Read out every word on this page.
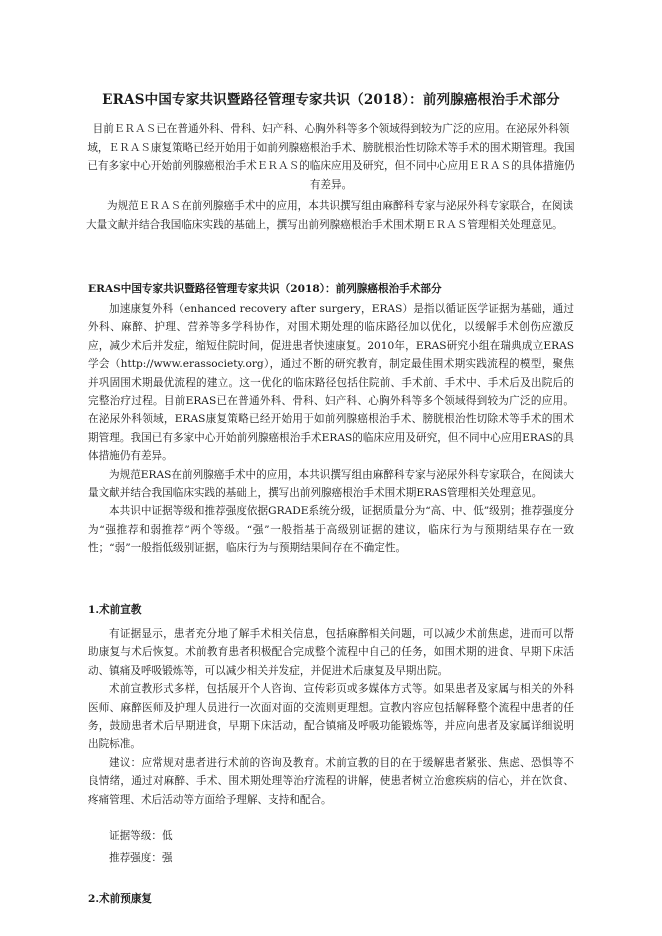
ERAS中国专家共识暨路径管理专家共识（2018）：前列腺癌根治手术部分
目前ＥＲＡＳ已在普通外科、骨科、妇产科、心胸外科等多个领域得到较为广泛的应用。在泌尿外科领域，ＥＲＡＳ康复策略已经开始用于如前列腺癌根治手术、膀胱根治性切除术等手术的围术期管理。我国已有多家中心开始前列腺癌根治手术ＥＲＡＳ的临床应用及研究，但不同中心应用ＥＲＡＳ的具体措施仍有差异。
为规范ＥＲＡＳ在前列腺癌手术中的应用，本共识撰写组由麻醉科专家与泌尿外科专家联合，在阅读大量文献并结合我国临床实践的基础上，撰写出前列腺癌根治手术围术期ＥＲＡＳ管理相关处理意见。
ERAS中国专家共识暨路径管理专家共识（2018）：前列腺癌根治手术部分

加速康复外科（enhanced recovery after surgery，ERAS）是指以循证医学证据为基础，通过外科、麻醉、护理、营养等多学科协作，对围术期处理的临床路径加以优化，以缓解手术创伤应激反应，减少术后并发症，缩短住院时间，促进患者快速康复。2010年，ERAS研究小组在瑞典成立ERAS学会（http://www.erassociety.org），通过不断的研究教育，制定最佳围术期实践流程的模型，聚焦并巩固围术期最优流程的建立。这一优化的临床路径包括住院前、手术前、手术中、手术后及出院后的完整治疗过程。目前ERAS已在普通外科、骨科、妇产科、心胸外科等多个领域得到较为广泛的应用。在泌尿外科领域，ERAS康复策略已经开始用于如前列腺癌根治手术、膀胱根治性切除术等手术的围术期管理。我国已有多家中心开始前列腺癌根治手术ERAS的临床应用及研究，但不同中心应用ERAS的具体措施仍有差异。

为规范ERAS在前列腺癌手术中的应用，本共识撰写组由麻醉科专家与泌尿外科专家联合，在阅读大量文献并结合我国临床实践的基础上，撰写出前列腺癌根治手术围术期ERAS管理相关处理意见。

本共识中证据等级和推荐强度依据GRADE系统分级，证据质量分为“高、中、低”级别；推荐强度分为“强推荐和弱推荐”两个等级。“强”一般指基于高级别证据的建议，临床行为与预期结果存在一致性；“弱”一般指低级别证据，临床行为与预期结果间存在不确定性。

1.术前宣教

有证据显示，患者充分地了解手术相关信息，包括麻醉相关问题，可以减少术前焦虑，进而可以帮助康复与术后恢复。术前教育患者积极配合完成整个流程中自己的任务，如围术期的进食、早期下床活动、镇痛及呼吸锻炼等，可以减少相关并发症，并促进术后康复及早期出院。

术前宣教形式多样，包括展开个人咨询、宣传彩页或多媒体方式等。如果患者及家属与相关的外科医师、麻醉医师及护理人员进行一次面对面的交流则更理想。宣教内容应包括解释整个流程中患者的任务，鼓励患者术后早期进食，早期下床活动，配合镇痛及呼吸功能锻炼等，并应向患者及家属详细说明出院标准。

建议：应常规对患者进行术前的咨询及教育。术前宣教的目的在于缓解患者紧张、焦虑、恐惧等不良情绪，通过对麻醉、手术、围术期处理等治疗流程的讲解，使患者树立治愈疾病的信心，并在饮食、疼痛管理、术后活动等方面给予理解、支持和配合。

证据等级：低
推荐强度：强
2.术前预康复
